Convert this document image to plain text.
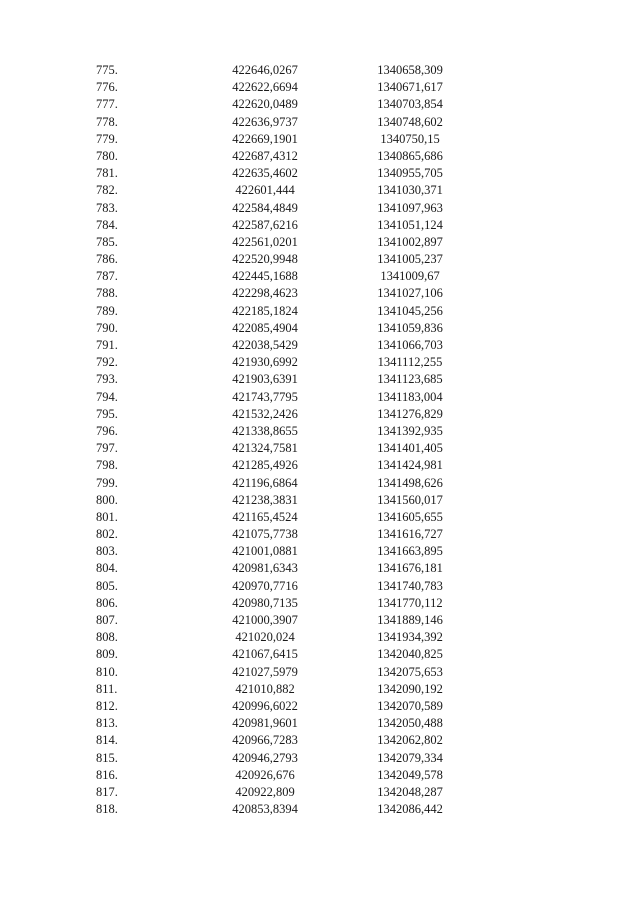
775.	422646,0267	1340658,309
776.	422622,6694	1340671,617
777.	422620,0489	1340703,854
778.	422636,9737	1340748,602
779.	422669,1901	1340750,15
780.	422687,4312	1340865,686
781.	422635,4602	1340955,705
782.	422601,444	1341030,371
783.	422584,4849	1341097,963
784.	422587,6216	1341051,124
785.	422561,0201	1341002,897
786.	422520,9948	1341005,237
787.	422445,1688	1341009,67
788.	422298,4623	1341027,106
789.	422185,1824	1341045,256
790.	422085,4904	1341059,836
791.	422038,5429	1341066,703
792.	421930,6992	1341112,255
793.	421903,6391	1341123,685
794.	421743,7795	1341183,004
795.	421532,2426	1341276,829
796.	421338,8655	1341392,935
797.	421324,7581	1341401,405
798.	421285,4926	1341424,981
799.	421196,6864	1341498,626
800.	421238,3831	1341560,017
801.	421165,4524	1341605,655
802.	421075,7738	1341616,727
803.	421001,0881	1341663,895
804.	420981,6343	1341676,181
805.	420970,7716	1341740,783
806.	420980,7135	1341770,112
807.	421000,3907	1341889,146
808.	421020,024	1341934,392
809.	421067,6415	1342040,825
810.	421027,5979	1342075,653
811.	421010,882	1342090,192
812.	420996,6022	1342070,589
813.	420981,9601	1342050,488
814.	420966,7283	1342062,802
815.	420946,2793	1342079,334
816.	420926,676	1342049,578
817.	420922,809	1342048,287
818.	420853,8394	1342086,442
